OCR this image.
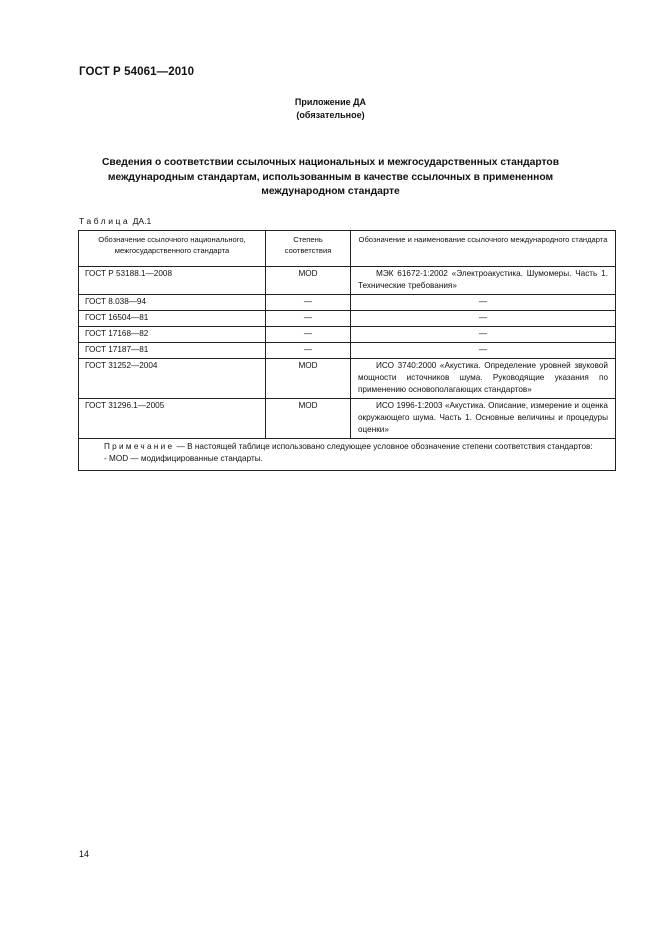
ГОСТ Р 54061—2010
Приложение ДА
(обязательное)
Сведения о соответствии ссылочных национальных и межгосударственных стандартов
международным стандартам, использованным в качестве ссылочных в примененном
международном стандарте
Таблица ДА.1
Обозначение ссылочного национального, межгосударственного стандарта	Степень соответствия	Обозначение и наименование ссылочного международного стандарта
ГОСТ Р 53188.1—2008	MOD	МЭК 61672-1:2002 «Электроакустика. Шумомеры. Часть 1. Технические требования»
ГОСТ 8.038—94	—	—
ГОСТ 16504—81	—	—
ГОСТ 17168—82	—	—
ГОСТ 17187—81	—	—
ГОСТ 31252—2004	MOD	ИСО 3740:2000 «Акустика. Определение уровней звуковой мощности источников шума. Руководящие указания по применению основополагающих стандартов»
ГОСТ 31296.1—2005	MOD	ИСО 1996-1:2003 «Акустика. Описание, измерение и оценка окружающего шума. Часть 1. Основные величины и процедуры оценки»

Примечание — В настоящей таблице использовано следующее условное обозначение степени соответствия стандартов:
- MOD — модифицированные стандарты.		
14
